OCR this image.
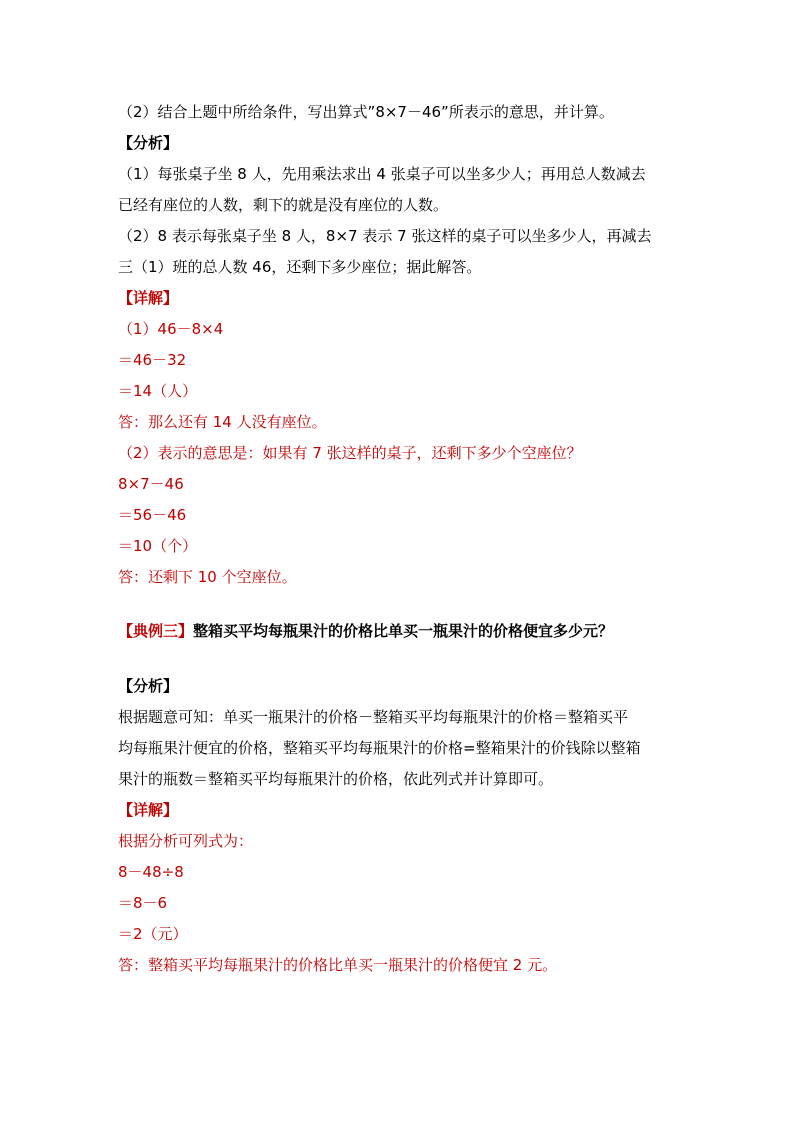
（2）结合上题中所给条件，写出算式”8×7－46”所表示的意思，并计算。
【分析】
（1）每张桌子坐 8 人，先用乘法求出 4 张桌子可以坐多少人；再用总人数减去
已经有座位的人数，剩下的就是没有座位的人数。
（2）8 表示每张桌子坐 8 人，8×7 表示 7 张这样的桌子可以坐多少人，再减去
三（1）班的总人数 46，还剩下多少座位；据此解答。
【详解】
（1）46－8×4
＝46－32
＝14（人）
答：那么还有 14 人没有座位。
（2）表示的意思是：如果有 7 张这样的桌子，还剩下多少个空座位？
8×7－46
＝56－46
＝10（个）
答：还剩下 10 个空座位。
【典例三】整箱买平均每瓶果汁的价格比单买一瓶果汁的价格便宜多少元？
【分析】
根据题意可知：单买一瓶果汁的价格－整箱买平均每瓶果汁的价格＝整箱买平
均每瓶果汁便宜的价格，整箱买平均每瓶果汁的价格=整箱果汁的价钱除以整箱
果汁的瓶数＝整箱买平均每瓶果汁的价格，依此列式并计算即可。
【详解】
根据分析可列式为：
8－48÷8
＝8－6
＝2（元）
答：整箱买平均每瓶果汁的价格比单买一瓶果汁的价格便宜 2 元。
